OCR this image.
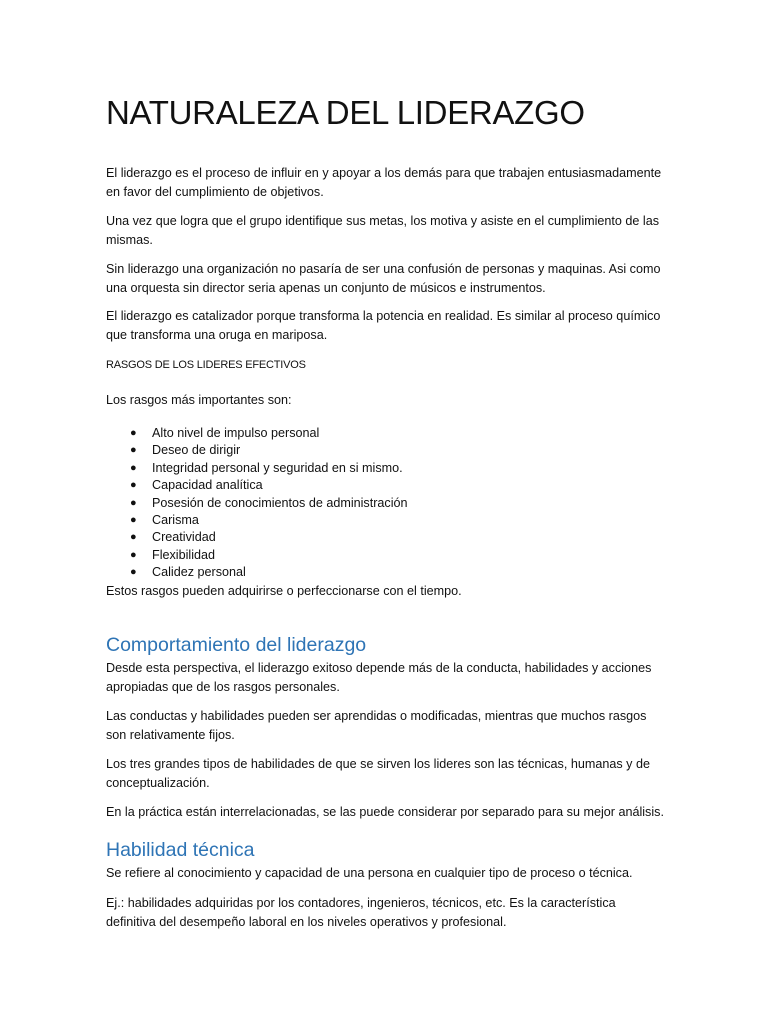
NATURALEZA DEL LIDERAZGO

El liderazgo es el proceso de influir en y apoyar a los demás para que trabajen entusiasmadamente en favor del cumplimiento de objetivos.

Una vez que logra que el grupo identifique sus metas, los motiva y asiste en el cumplimiento de las mismas.

Sin liderazgo una organización no pasaría de ser una confusión de personas y maquinas. Asi como una orquesta sin director seria apenas un conjunto de músicos e instrumentos.

El liderazgo es catalizador porque transforma la potencia en realidad. Es similar al proceso químico que transforma una oruga en mariposa.

RASGOS DE LOS LIDERES EFECTIVOS

Los rasgos más importantes son:

● Alto nivel de impulso personal
● Deseo de dirigir
● Integridad personal y seguridad en si mismo.
● Capacidad analítica
● Posesión de conocimientos de administración
● Carisma
● Creatividad
● Flexibilidad
● Calidez personal

Estos rasgos pueden adquirirse o perfeccionarse con el tiempo.

Comportamiento del liderazgo

Desde esta perspectiva, el liderazgo exitoso depende más de la conducta, habilidades y acciones apropiadas que de los rasgos personales.

Las conductas y habilidades pueden ser aprendidas o modificadas, mientras que muchos rasgos son relativamente fijos.

Los tres grandes tipos de habilidades de que se sirven los lideres son las técnicas, humanas y de conceptualización.

En la práctica están interrelacionadas, se las puede considerar por separado para su mejor análisis.

Habilidad técnica

Se refiere al conocimiento y capacidad de una persona en cualquier tipo de proceso o técnica.

Ej.: habilidades adquiridas por los contadores, ingenieros, técnicos, etc. Es la característica definitiva del desempeño laboral en los niveles operativos y profesional.
